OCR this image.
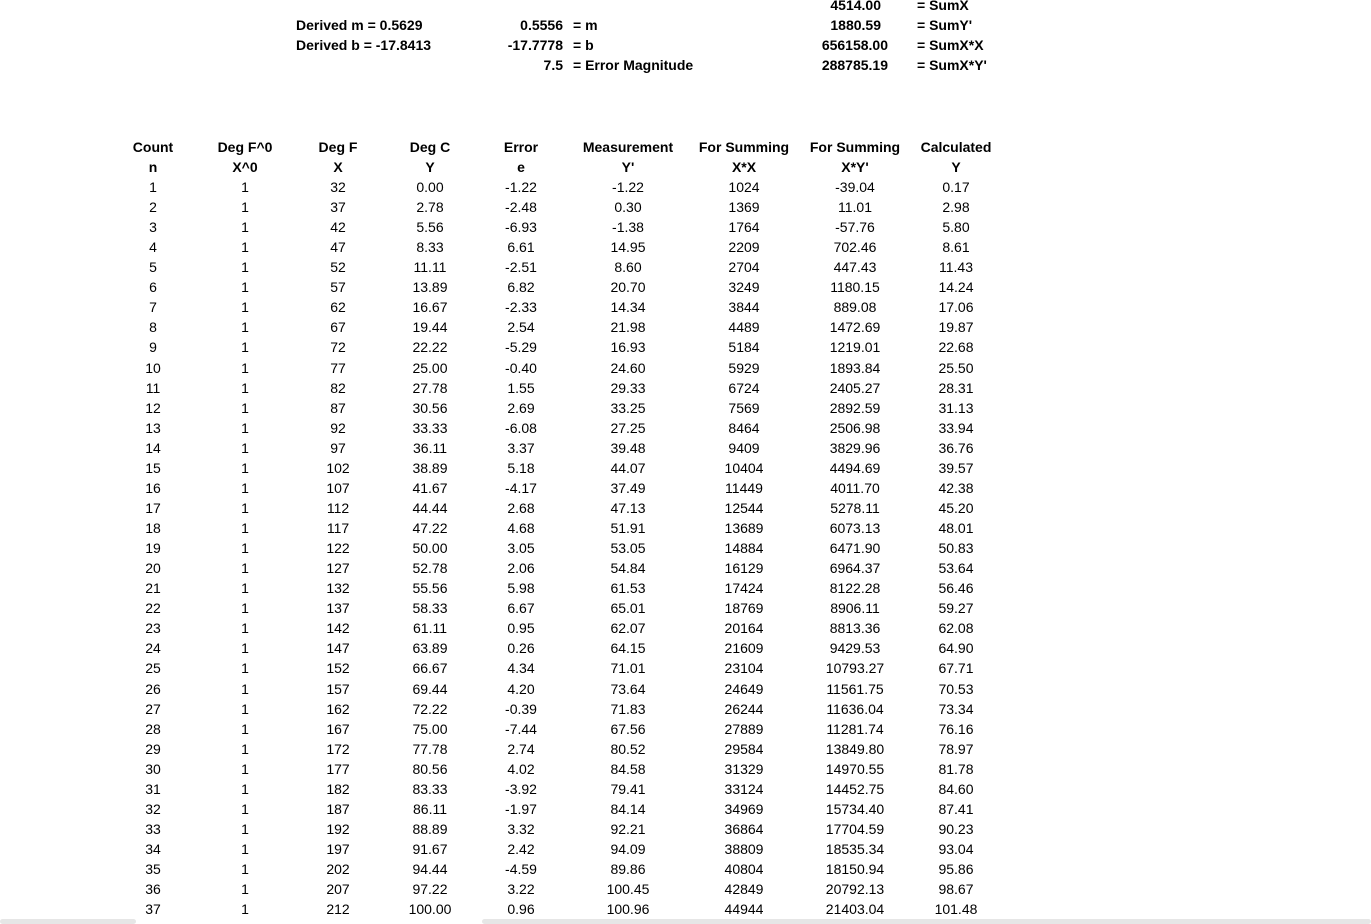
Derived m = 0.5629
Derived b = -17.8413
0.5556 = m
-17.7778 = b
7.5 = Error Magnitude
4514.00	= SumX
1880.59	= SumY'
656158.00 = SumX*X
288785.19 = SumX*Y'
Count	Deg F^0	Deg F	Deg C	Error	Measurement	For Summing	For Summing	Calculated
n	X^0	X	Y	e	Y'	X*X	X*Y'	Y
1	1	32	0.00	-1.22	-1.22	1024	-39.04	0.17
2	1	37	2.78	-2.48	0.30	1369	11.01	2.98
3	1	42	5.56	-6.93	-1.38	1764	-57.76	5.80
4	1	47	8.33	6.61	14.95	2209	702.46	8.61
5	1	52	11.11	-2.51	8.60	2704	447.43	11.43
6	1	57	13.89	6.82	20.70	3249	1180.15	14.24
7	1	62	16.67	-2.33	14.34	3844	889.08	17.06
8	1	67	19.44	2.54	21.98	4489	1472.69	19.87
9	1	72	22.22	-5.29	16.93	5184	1219.01	22.68
10	1	77	25.00	-0.40	24.60	5929	1893.84	25.50
11	1	82	27.78	1.55	29.33	6724	2405.27	28.31
12	1	87	30.56	2.69	33.25	7569	2892.59	31.13
13	1	92	33.33	-6.08	27.25	8464	2506.98	33.94
14	1	97	36.11	3.37	39.48	9409	3829.96	36.76
15	1	102	38.89	5.18	44.07	10404	4494.69	39.57
16	1	107	41.67	-4.17	37.49	11449	4011.70	42.38
17	1	112	44.44	2.68	47.13	12544	5278.11	45.20
18	1	117	47.22	4.68	51.91	13689	6073.13	48.01
19	1	122	50.00	3.05	53.05	14884	6471.90	50.83
20	1	127	52.78	2.06	54.84	16129	6964.37	53.64
21	1	132	55.56	5.98	61.53	17424	8122.28	56.46
22	1	137	58.33	6.67	65.01	18769	8906.11	59.27
23	1	142	61.11	0.95	62.07	20164	8813.36	62.08
24	1	147	63.89	0.26	64.15	21609	9429.53	64.90
25	1	152	66.67	4.34	71.01	23104	10793.27	67.71
26	1	157	69.44	4.20	73.64	24649	11561.75	70.53
27	1	162	72.22	-0.39	71.83	26244	11636.04	73.34
28	1	167	75.00	-7.44	67.56	27889	11281.74	76.16
29	1	172	77.78	2.74	80.52	29584	13849.80	78.97
30	1	177	80.56	4.02	84.58	31329	14970.55	81.78
31	1	182	83.33	-3.92	79.41	33124	14452.75	84.60
32	1	187	86.11	-1.97	84.14	34969	15734.40	87.41
33	1	192	88.89	3.32	92.21	36864	17704.59	90.23
34	1	197	91.67	2.42	94.09	38809	18535.34	93.04
35	1	202	94.44	-4.59	89.86	40804	18150.94	95.86
36	1	207	97.22	3.22	100.45	42849	20792.13	98.67
37	1	212	100.00	0.96	100.96	44944	21403.04	101.48
